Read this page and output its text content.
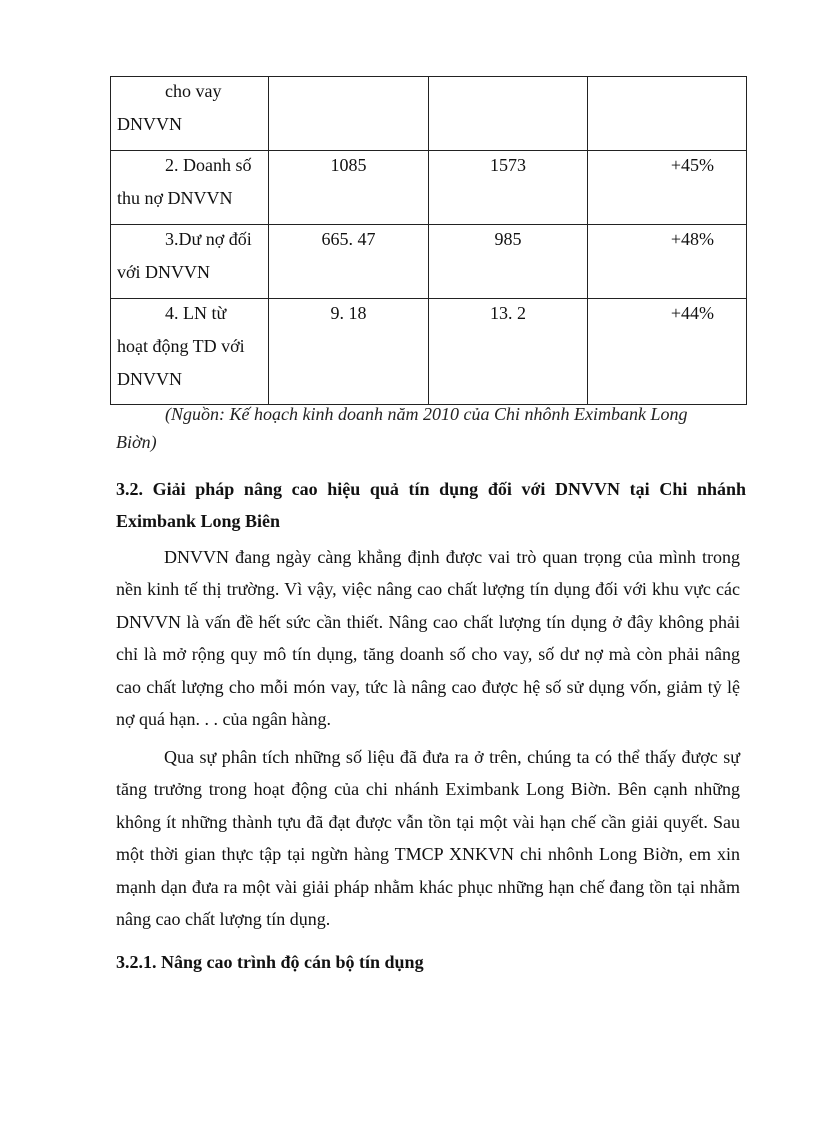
cho vay
DNVVN			

2. Doanh số
thu nợ DNVVN	1085	1573	+45%

3.Dư nợ đối
với DNVVN	665. 47	985	+48%

4. LN từ
hoạt động TD với DNVVN	9. 18	13. 2	+44%
(Nguồn: Kế hoạch kinh doanh năm 2010 của Chi nhônh Eximbank Long
Biờn)
3.2. Giải pháp nâng cao hiệu quả tín dụng đối với DNVVN tại Chi nhánh Eximbank Long Biên

DNVVN đang ngày càng khẳng định được vai trò quan trọng của mình trong nền kinh tế thị trường. Vì vậy, việc nâng cao chất lượng tín dụng đối với khu vực các DNVVN là vấn đề hết sức cần thiết. Nâng cao chất lượng tín dụng ở đây không phải chỉ là mở rộng quy mô tín dụng, tăng doanh số cho vay, số dư nợ mà còn phải nâng cao chất lượng cho mỗi món vay, tức là nâng cao được hệ số sử dụng vốn, giảm tỷ lệ nợ quá hạn. . . của ngân hàng.

Qua sự phân tích những số liệu đã đưa ra ở trên, chúng ta có thể thấy được sự tăng trưởng trong hoạt động của chi nhánh Eximbank Long Biờn. Bên cạnh những không ít những thành tựu đã đạt được vẫn tồn tại một vài hạn chế cần giải quyết. Sau một thời gian thực tập tại ngừn hàng TMCP XNKVN chi nhônh Long Biờn, em xin mạnh dạn đưa ra một vài giải pháp nhằm khác phục những hạn chế đang tồn tại nhằm nâng cao chất lượng tín dụng.

3.2.1. Nâng cao trình độ cán bộ tín dụng
